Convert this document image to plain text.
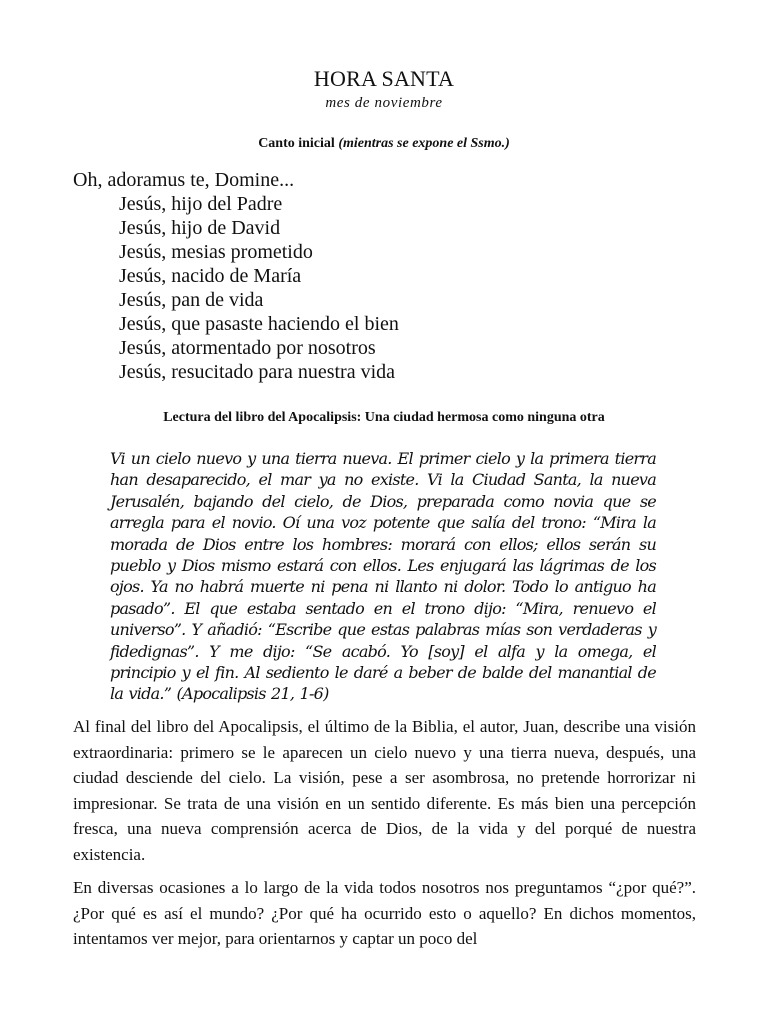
HORA SANTA
mes de noviembre
Canto inicial (mientras se expone el Ssmo.)
Oh, adoramus te, Domine...
Jesús, hijo del Padre
Jesús, hijo de David
Jesús, mesias prometido
Jesús, nacido de María
Jesús, pan de vida
Jesús, que pasaste haciendo el bien
Jesús, atormentado por nosotros
Jesús, resucitado para nuestra vida
Lectura del libro del Apocalipsis: Una ciudad hermosa como ninguna otra

Vi un cielo nuevo y una tierra nueva. El primer cielo y la primera tierra han desaparecido, el mar ya no existe. Vi la Ciudad Santa, la nueva Jerusalén, bajando del cielo, de Dios, preparada como novia que se arregla para el novio. Oí una voz potente que salía del trono: “Mira la morada de Dios entre los hombres: morará con ellos; ellos serán su pueblo y Dios mismo estará con ellos. Les enjugará las lágrimas de los ojos. Ya no habrá muerte ni pena ni llanto ni dolor. Todo lo antiguo ha pasado”. El que estaba sentado en el trono dijo: “Mira, renuevo el universo”. Y añadió: “Escribe que estas palabras mías son verdaderas y fidedignas”. Y me dijo: “Se acabó. Yo [soy] el alfa y la omega, el principio y el fin. Al sediento le daré a beber de balde del manantial de la vida.” (Apocalipsis 21, 1-6)

Al final del libro del Apocalipsis, el último de la Biblia, el autor, Juan, describe una visión extraordinaria: primero se le aparecen un cielo nuevo y una tierra nueva, después, una ciudad desciende del cielo. La visión, pese a ser asombrosa, no pretende horrorizar ni impresionar. Se trata de una visión en un sentido diferente. Es más bien una percepción fresca, una nueva comprensión acerca de Dios, de la vida y del porqué de nuestra existencia.

En diversas ocasiones a lo largo de la vida todos nosotros nos preguntamos “¿por qué?”. ¿Por qué es así el mundo? ¿Por qué ha ocurrido esto o aquello? En dichos momentos, intentamos ver mejor, para orientarnos y captar un poco del
